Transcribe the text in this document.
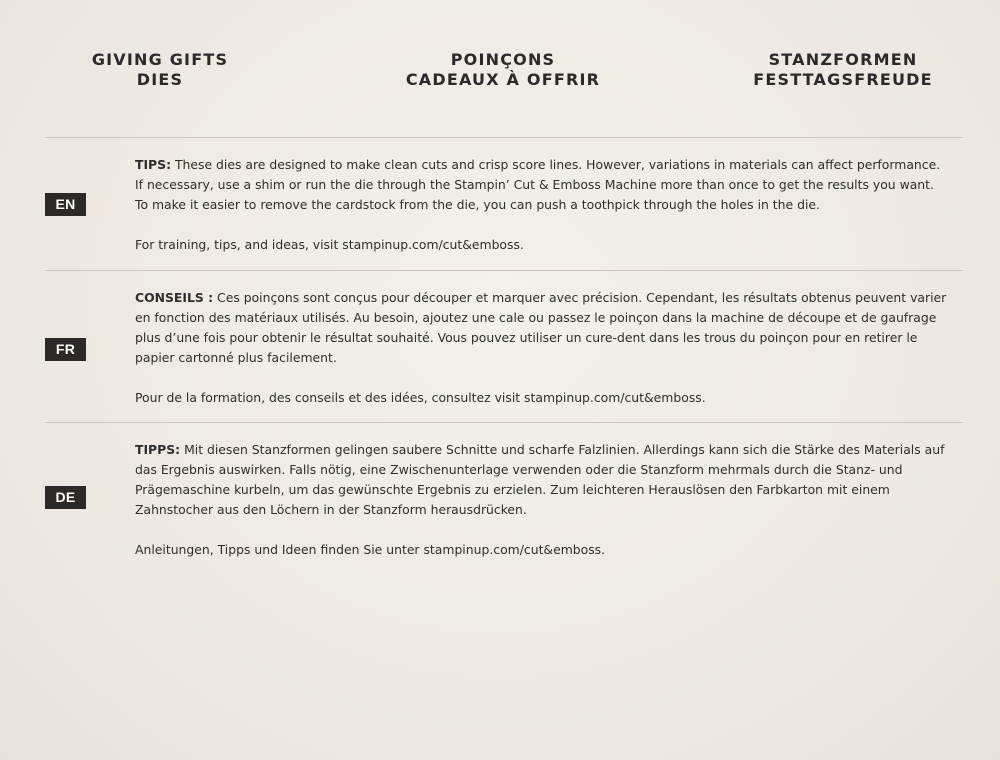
GIVING GIFTS
DIES
POINÇONS
CADEAUX À OFFRIR
STANZFORMEN
FESTTAGSFREUDE
EN

TIPS: These dies are designed to make clean cuts and crisp score lines. However, variations in materials can affect performance. If necessary, use a shim or run the die through the Stampin’ Cut & Emboss Machine more than once to get the results you want. To make it easier to remove the cardstock from the die, you can push a toothpick through the holes in the die.

For training, tips, and ideas, visit stampinup.com/cut&emboss.

FR

CONSEILS : Ces poinçons sont conçus pour découper et marquer avec précision. Cependant, les résultats obtenus peuvent varier en fonction des matériaux utilisés. Au besoin, ajoutez une cale ou passez le poinçon dans la machine de découpe et de gaufrage plus d’une fois pour obtenir le résultat souhaité. Vous pouvez utiliser un cure-dent dans les trous du poinçon pour en retirer le papier cartonné plus facilement.

Pour de la formation, des conseils et des idées, consultez visit stampinup.com/cut&emboss.

DE

TIPPS: Mit diesen Stanzformen gelingen saubere Schnitte und scharfe Falzlinien. Allerdings kann sich die Stärke des Materials auf das Ergebnis auswirken. Falls nötig, eine Zwischenunterlage verwenden oder die Stanzform mehrmals durch die Stanz- und Prägemaschine kurbeln, um das gewünschte Ergebnis zu erzielen. Zum leichteren Herauslösen den Farbkarton mit einem Zahnstocher aus den Löchern in der Stanzform herausdrücken.

Anleitungen, Tipps und Ideen finden Sie unter stampinup.com/cut&emboss.
